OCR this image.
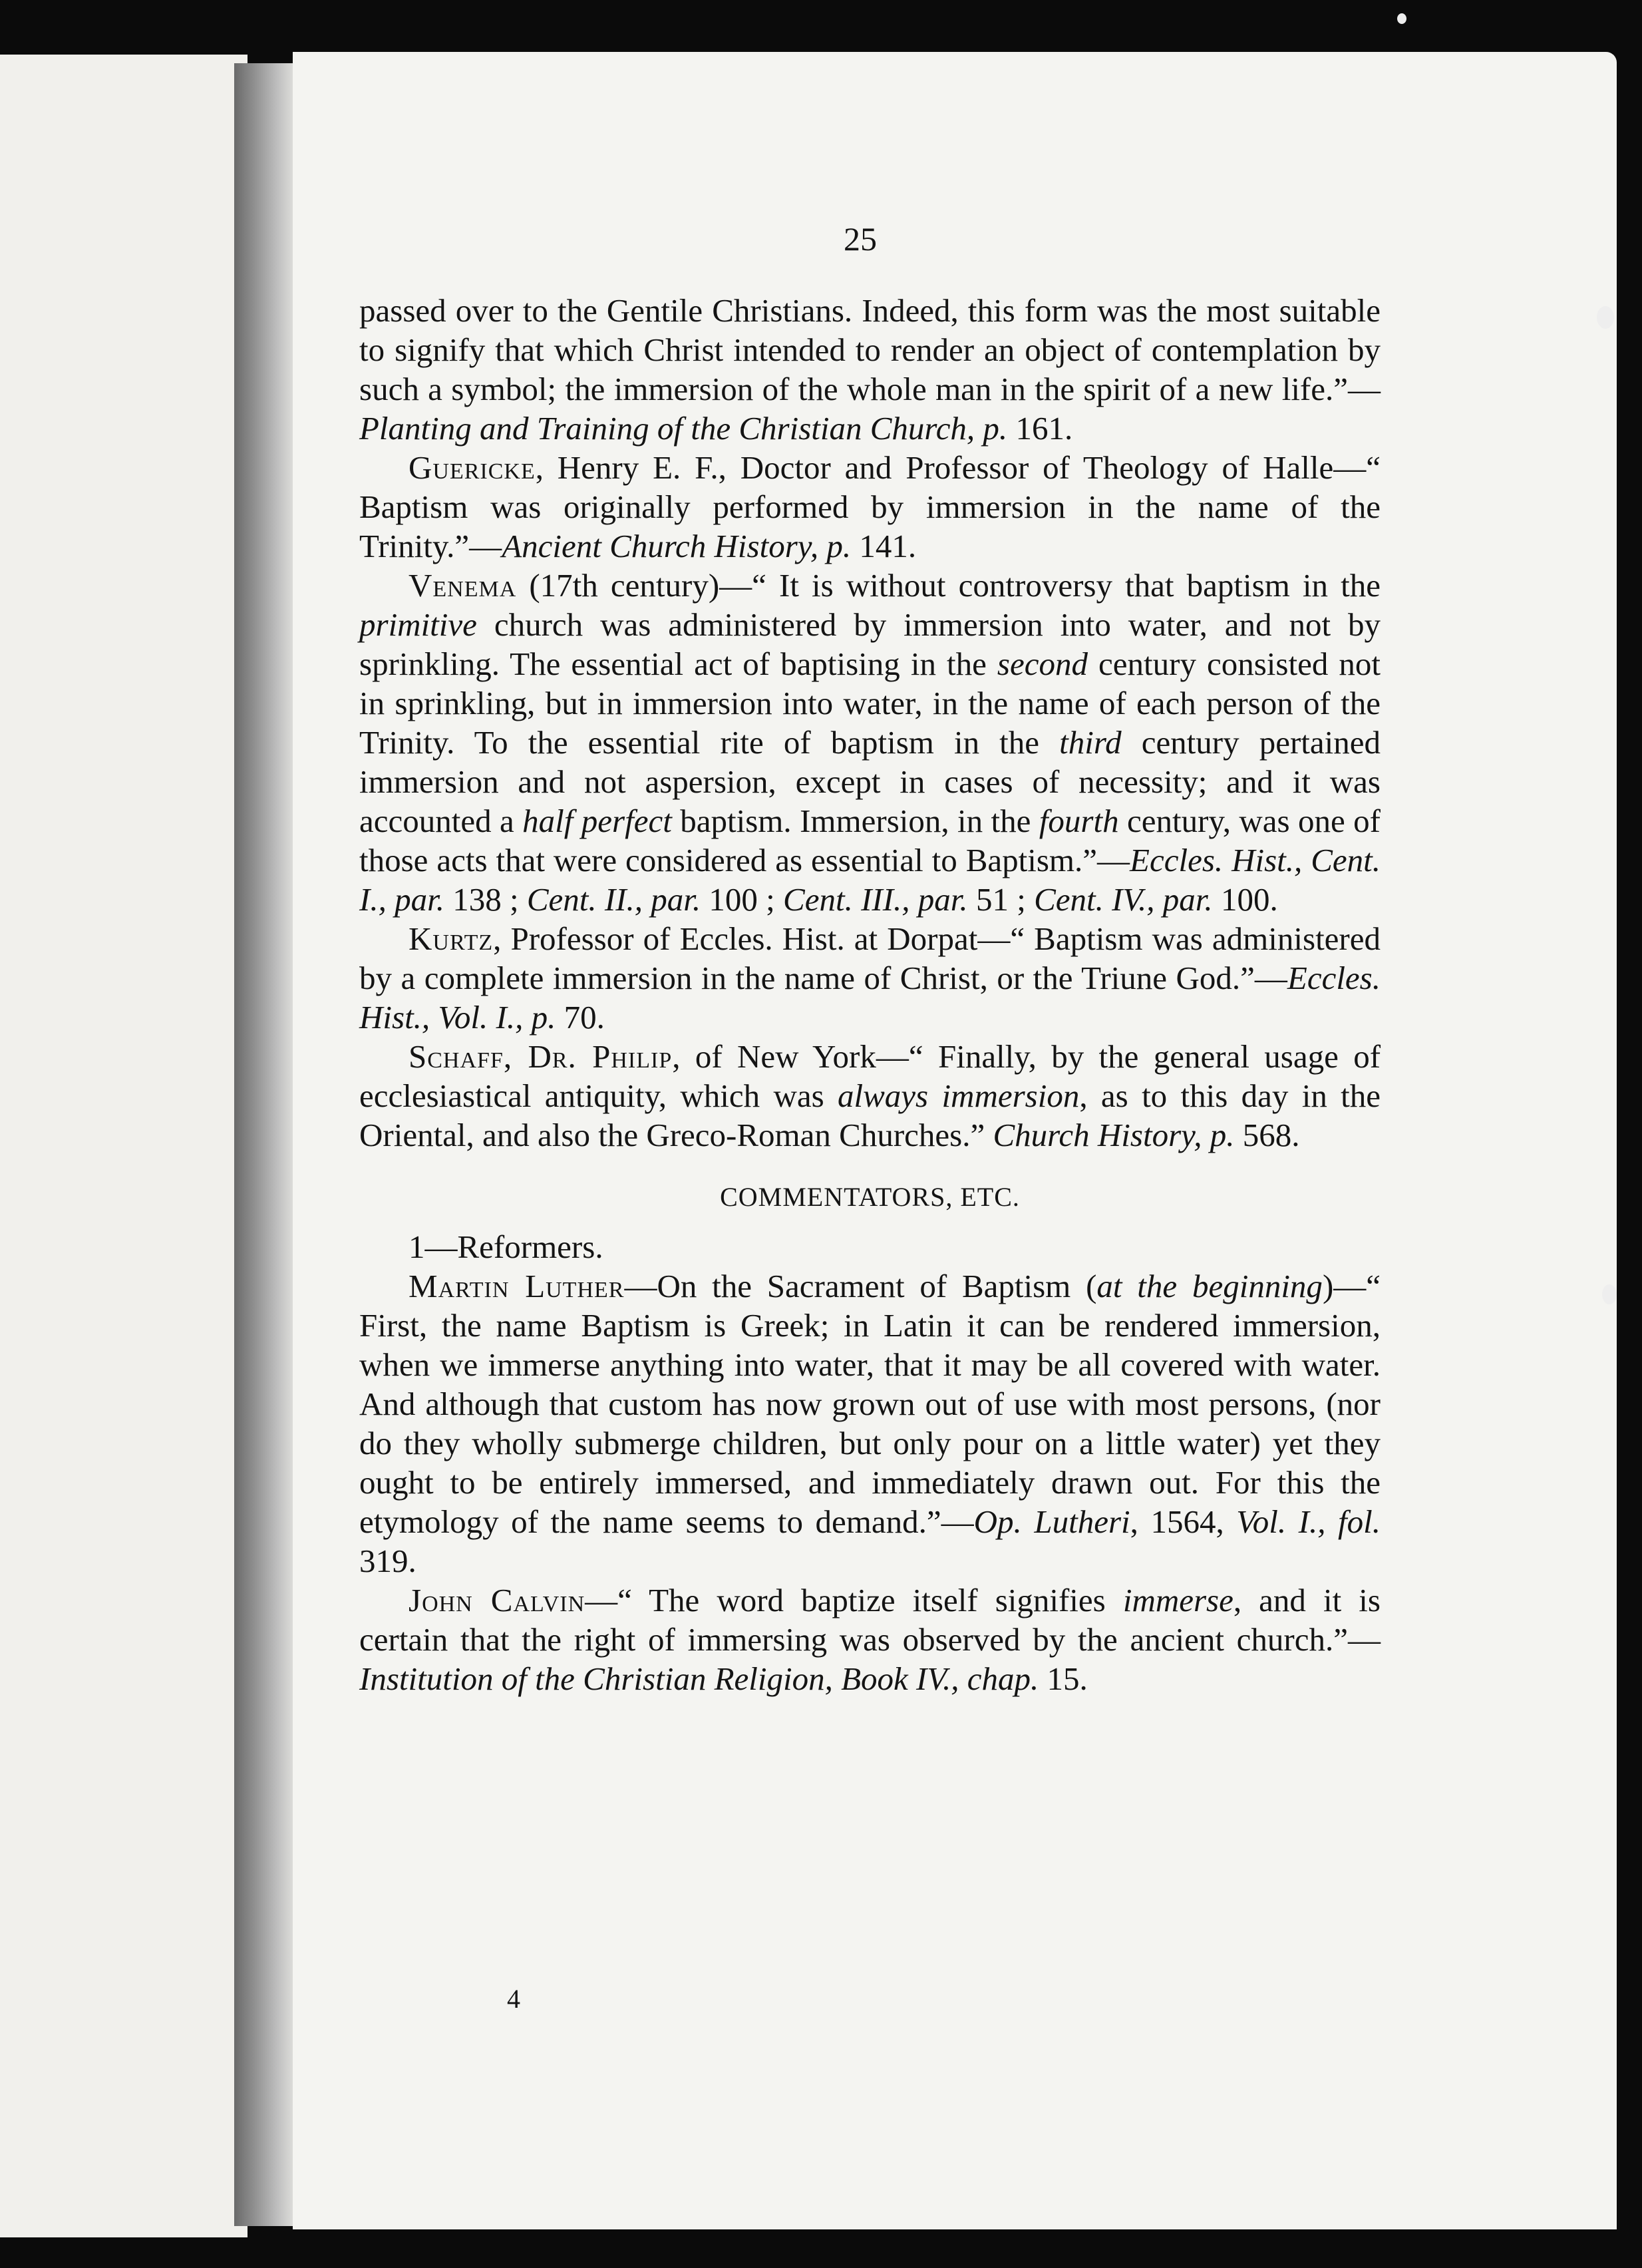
25

passed over to the Gentile Christians. Indeed, this form was the most suitable to signify that which Christ intended to render an object of contemplation by such a symbol; the immersion of the whole man in the spirit of a new life.”—Planting and Training of the Christian Church, p. 161.

Guericke, Henry E. F., Doctor and Professor of Theology of Halle—“ Baptism was originally performed by immersion in the name of the Trinity.”—Ancient Church History, p. 141.

Venema (17th century)—“ It is without controversy that baptism in the primitive church was administered by immersion into water, and not by sprinkling. The essential act of baptising in the second century consisted not in sprinkling, but in immersion into water, in the name of each person of the Trinity. To the essential rite of baptism in the third century pertained immersion and not aspersion, except in cases of necessity; and it was accounted a half perfect baptism. Immersion, in the fourth century, was one of those acts that were considered as essential to Baptism.”—Eccles. Hist., Cent. I., par. 138 ; Cent. II., par. 100 ; Cent. III., par. 51 ; Cent. IV., par. 100.

Kurtz, Professor of Eccles. Hist. at Dorpat—“ Baptism was administered by a complete immersion in the name of Christ, or the Triune God.”—Eccles. Hist., Vol. I., p. 70.

Schaff, Dr. Philip, of New York—“ Finally, by the general usage of ecclesiastical antiquity, which was always immersion, as to this day in the Oriental, and also the Greco-Roman Churches.” Church History, p. 568.

COMMENTATORS, ETC.

1—Reformers.

Martin Luther—On the Sacrament of Baptism (at the beginning)—“ First, the name Baptism is Greek; in Latin it can be rendered immersion, when we immerse anything into water, that it may be all covered with water. And although that custom has now grown out of use with most persons, (nor do they wholly submerge children, but only pour on a little water) yet they ought to be entirely immersed, and immediately drawn out. For this the etymology of the name seems to demand.”—Op. Lutheri, 1564, Vol. I., fol. 319.

John Calvin—“ The word baptize itself signifies immerse, and it is certain that the right of immersing was observed by the ancient church.”—Institution of the Christian Religion, Book IV., chap. 15.

4
